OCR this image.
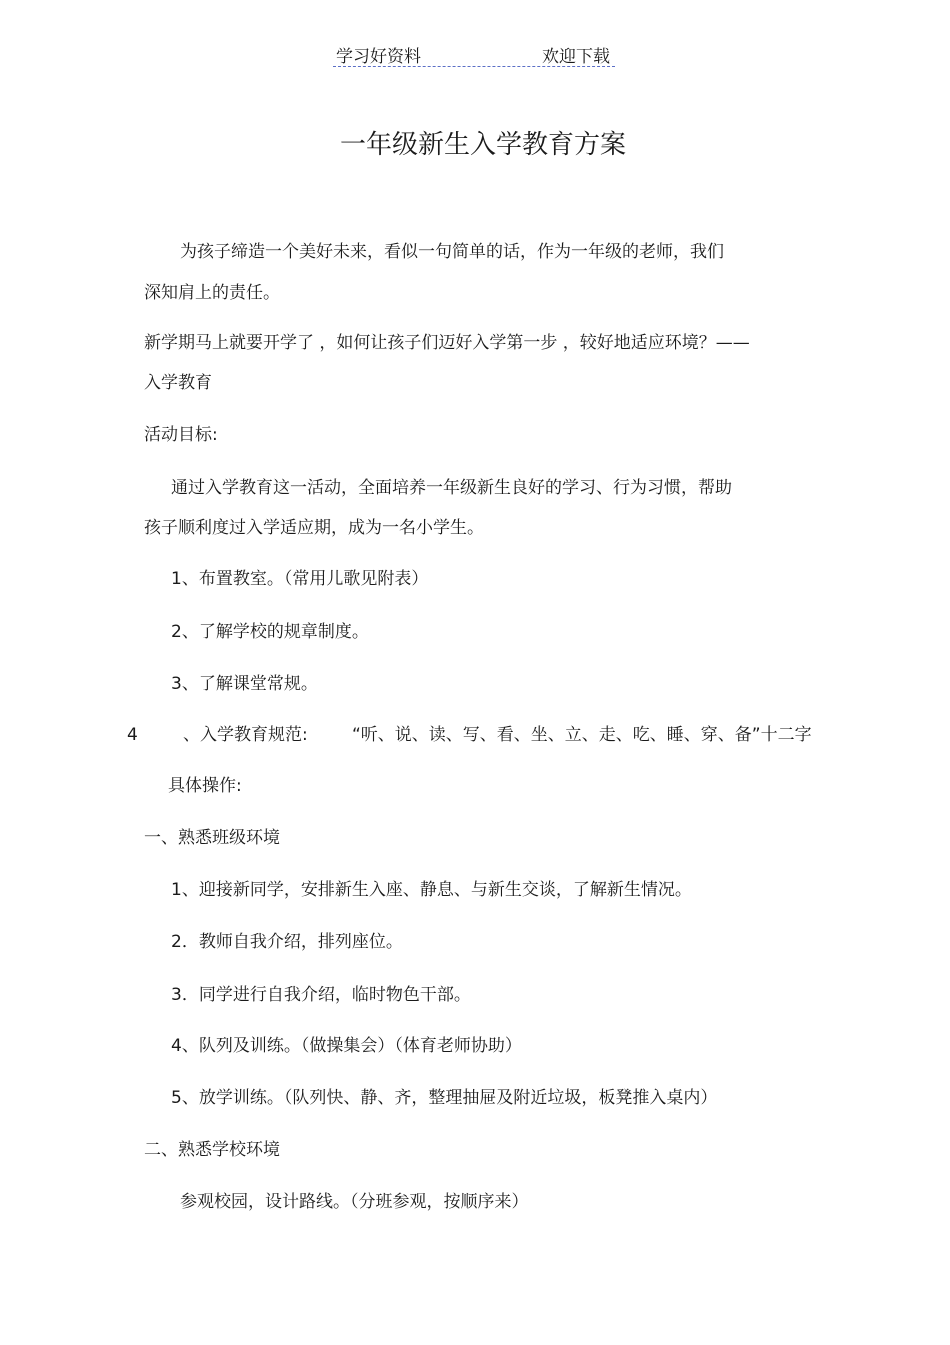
学习好资料	欢迎下载
一年级新生入学教育方案
为孩子缔造一个美好未来，看似一句简单的话，作为一年级的老师，我们
深知肩上的责任。
新学期马上就要开学了 ，如何让孩子们迈好入学第一步 ，较好地适应环境？——
入学教育
活动目标:
通过入学教育这一活动，全面培养一年级新生良好的学习、行为习惯，帮助
孩子顺利度过入学适应期，成为一名小学生。
1、布置教室。（常用儿歌见附表）
2、了解学校的规章制度。
3、了解课堂常规。
4	、入学教育规范:	“听、说、读、写、看、坐、立、走、吃、睡、穿、备”十二字
具体操作:
一、熟悉班级环境
1、迎接新同学，安排新生入座、静息、与新生交谈，了解新生情况。
2．教师自我介绍，排列座位。
3．同学进行自我介绍，临时物色干部。
4、队列及训练。（做操集会）（体育老师协助）
5、放学训练。（队列快、静、齐，整理抽屉及附近垃圾，板凳推入桌内）
二、熟悉学校环境
参观校园，设计路线。（分班参观，按顺序来）
